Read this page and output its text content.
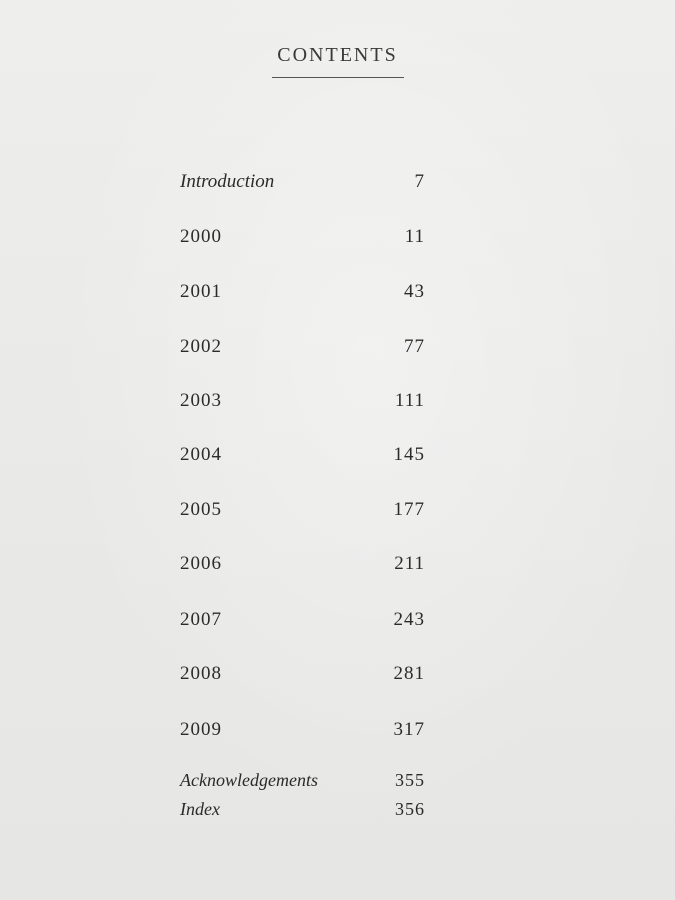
CONTENTS
Introduction	7
2000	11
2001	43
2002	77
2003	111
2004	145
2005	177
2006	211
2007	243
2008	281
2009	317
Acknowledgements	355
Index	356
